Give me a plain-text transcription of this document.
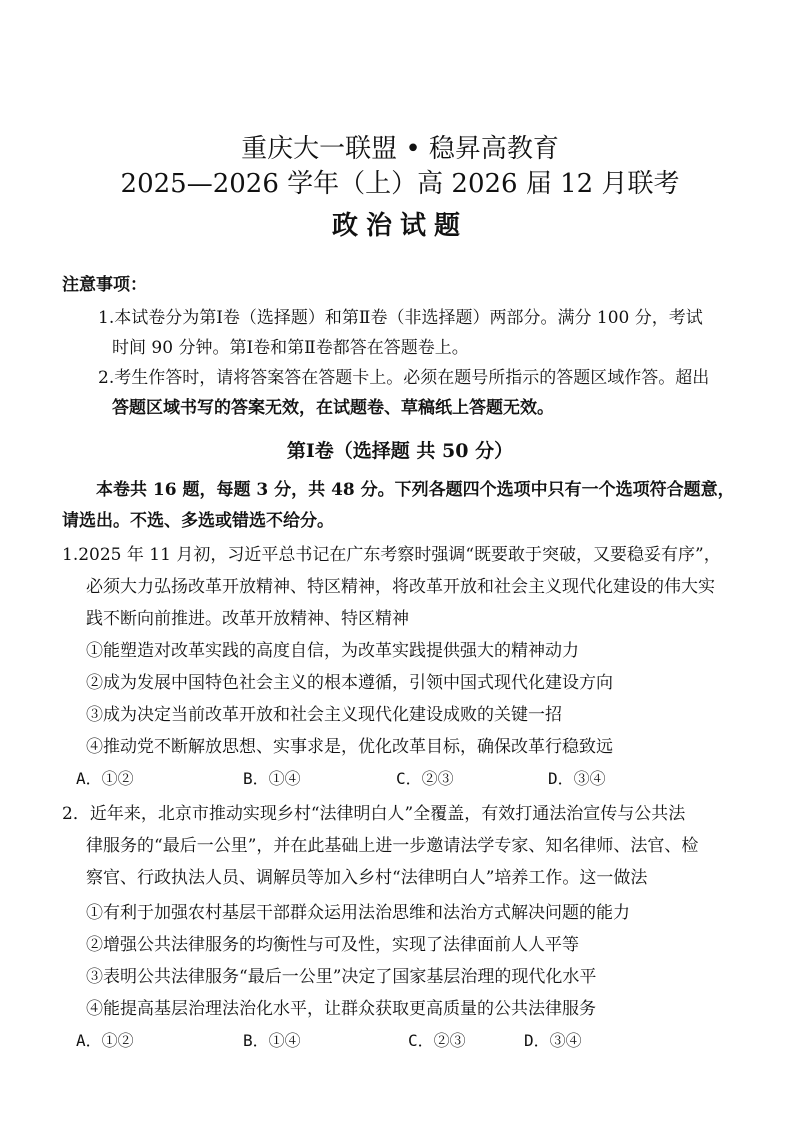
重庆大一联盟 • 稳昇高教育
2025—2026 学年（上）高 2026 届 12 月联考
政治试题
注意事项：
1.本试卷分为第Ⅰ卷（选择题）和第Ⅱ卷（非选择题）两部分。满分 100 分，考试
时间 90 分钟。第Ⅰ卷和第Ⅱ卷都答在答题卷上。
2.考生作答时，请将答案答在答题卡上。必须在题号所指示的答题区域作答。超出
答题区域书写的答案无效，在试题卷、草稿纸上答题无效。
第Ⅰ卷（选择题 共 50 分）
本卷共 16 题，每题 3 分，共 48 分。下列各题四个选项中只有一个选项符合题意，
请选出。不选、多选或错选不给分。
1.2025 年 11 月初，习近平总书记在广东考察时强调“既要敢于突破，又要稳妥有序”，
必须大力弘扬改革开放精神、特区精神，将改革开放和社会主义现代化建设的伟大实
践不断向前推进。改革开放精神、特区精神
①能塑造对改革实践的高度自信，为改革实践提供强大的精神动力
②成为发展中国特色社会主义的根本遵循，引领中国式现代化建设方向
③成为决定当前改革开放和社会主义现代化建设成败的关键一招
④推动党不断解放思想、实事求是，优化改革目标，确保改革行稳致远
A．①②	B．①④	C．②③	D．③④
2．近年来，北京市推动实现乡村“法律明白人”全覆盖，有效打通法治宣传与公共法
律服务的“最后一公里”，并在此基础上进一步邀请法学专家、知名律师、法官、检
察官、行政执法人员、调解员等加入乡村“法律明白人”培养工作。这一做法
①有利于加强农村基层干部群众运用法治思维和法治方式解决问题的能力
②增强公共法律服务的均衡性与可及性，实现了法律面前人人平等
③表明公共法律服务“最后一公里”决定了国家基层治理的现代化水平
④能提高基层治理法治化水平，让群众获取更高质量的公共法律服务
A．①②	B．①④	C．②③	D．③④
